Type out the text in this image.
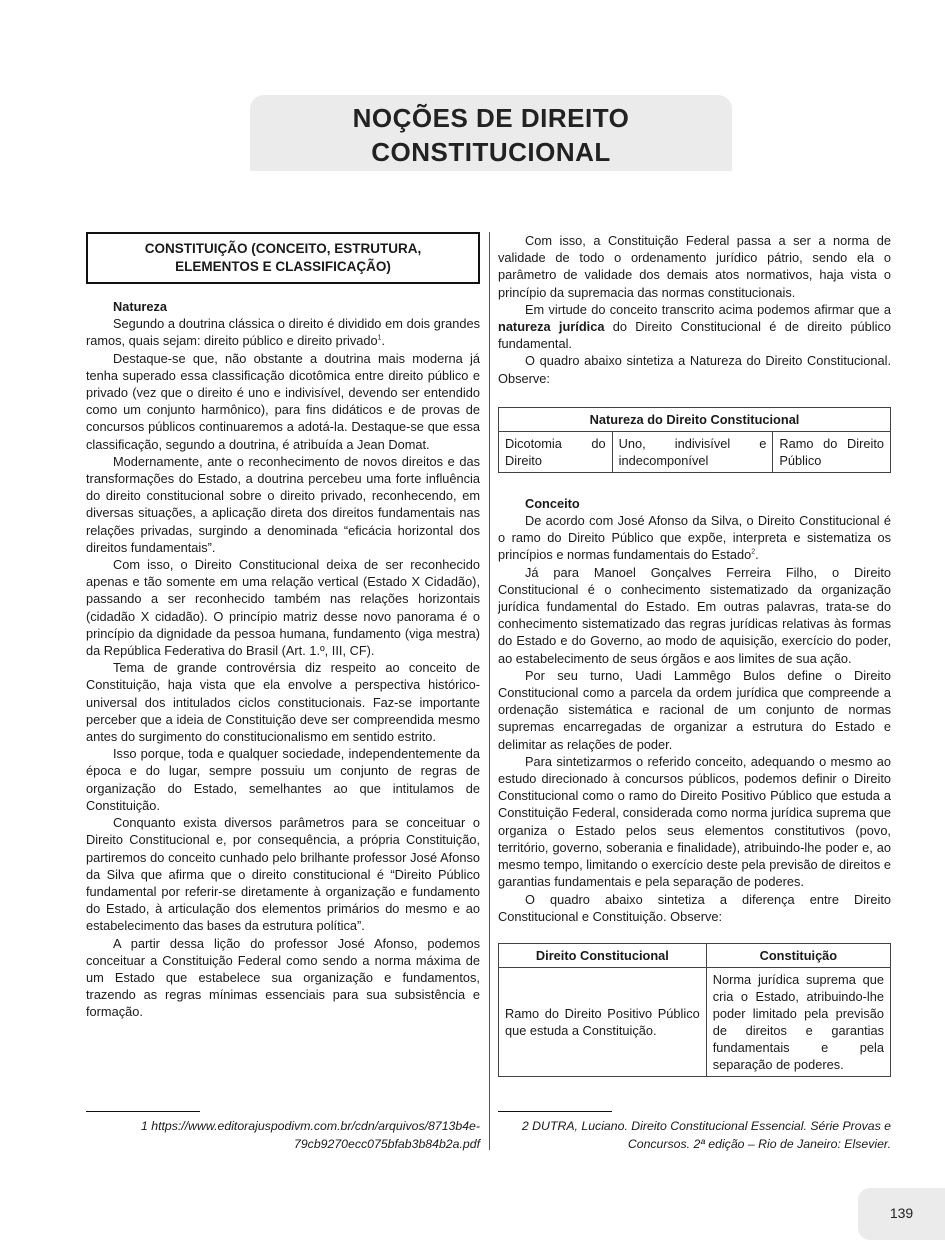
NOÇÕES DE DIREITO
CONSTITUCIONAL
CONSTITUIÇÃO (CONCEITO, ESTRUTURA,
ELEMENTOS E CLASSIFICAÇÃO)
Natureza

Segundo a doutrina clássica o direito é dividido em dois grandes ramos, quais sejam: direito público e direito privado$^1$.

Destaque-se que, não obstante a doutrina mais moderna já tenha superado essa classificação dicotômica entre direito público e privado (vez que o direito é uno e indivisível, devendo ser entendido como um conjunto harmônico), para fins didáticos e de provas de concursos públicos continuaremos a adotá-la. Destaque-se que essa classificação, segundo a doutrina, é atribuída a Jean Domat.

Modernamente, ante o reconhecimento de novos direitos e das transformações do Estado, a doutrina percebeu uma forte influência do direito constitucional sobre o direito privado, reconhecendo, em diversas situações, a aplicação direta dos direitos fundamentais nas relações privadas, surgindo a denominada “eficácia horizontal dos direitos fundamentais”.

Com isso, o Direito Constitucional deixa de ser reconhecido apenas e tão somente em uma relação vertical (Estado X Cidadão), passando a ser reconhecido também nas relações horizontais (cidadão X cidadão). O princípio matriz desse novo panorama é o princípio da dignidade da pessoa humana, fundamento (viga mestra) da República Federativa do Brasil (Art. 1.º, III, CF).

Tema de grande controvérsia diz respeito ao conceito de Constituição, haja vista que ela envolve a perspectiva histórico-universal dos intitulados ciclos constitucionais. Faz-se importante perceber que a ideia de Constituição deve ser compreendida mesmo antes do surgimento do constitucionalismo em sentido estrito.

Isso porque, toda e qualquer sociedade, independentemente da época e do lugar, sempre possuiu um conjunto de regras de organização do Estado, semelhantes ao que intitulamos de Constituição.

Conquanto exista diversos parâmetros para se conceituar o Direito Constitucional e, por consequência, a própria Constituição, partiremos do conceito cunhado pelo brilhante professor José Afonso da Silva que afirma que o direito constitucional é “Direito Público fundamental por referir-se diretamente à organização e fundamento do Estado, à articulação dos elementos primários do mesmo e ao estabelecimento das bases da estrutura política”.

A partir dessa lição do professor José Afonso, podemos conceituar a Constituição Federal como sendo a norma máxima de um Estado que estabelece sua organização e fundamentos, trazendo as regras mínimas essenciais para sua subsistência e formação.

Com isso, a Constituição Federal passa a ser a norma de validade de todo o ordenamento jurídico pátrio, sendo ela o parâmetro de validade dos demais atos normativos, haja vista o princípio da supremacia das normas constitucionais.

Em virtude do conceito transcrito acima podemos afirmar que a natureza jurídica do Direito Constitucional é de direito público fundamental.

O quadro abaixo sintetiza a Natureza do Direito Constitucional. Observe:

Natureza do Direito Constitucional
Dicotomia do Direito	Uno, indivisível e indecomponível	Ramo do Direito Público
Conceito

De acordo com José Afonso da Silva, o Direito Constitucional é o ramo do Direito Público que expõe, interpreta e sistematiza os princípios e normas fundamentais do Estado$^2$.

Já para Manoel Gonçalves Ferreira Filho, o Direito Constitucional é o conhecimento sistematizado da organização jurídica fundamental do Estado. Em outras palavras, trata-se do conhecimento sistematizado das regras jurídicas relativas às formas do Estado e do Governo, ao modo de aquisição, exercício do poder, ao estabelecimento de seus órgãos e aos limites de sua ação.

Por seu turno, Uadi Lammêgo Bulos define o Direito Constitucional como a parcela da ordem jurídica que compreende a ordenação sistemática e racional de um conjunto de normas supremas encarregadas de organizar a estrutura do Estado e delimitar as relações de poder.

Para sintetizarmos o referido conceito, adequando o mesmo ao estudo direcionado à concursos públicos, podemos definir o Direito Constitucional como o ramo do Direito Positivo Público que estuda a Constituição Federal, considerada como norma jurídica suprema que organiza o Estado pelos seus elementos constitutivos (povo, território, governo, soberania e finalidade), atribuindo-lhe poder e, ao mesmo tempo, limitando o exercício deste pela previsão de direitos e garantias fundamentais e pela separação de poderes.

O quadro abaixo sintetiza a diferença entre Direito Constitucional e Constituição. Observe:

Direito Constitucional	Constituição
Ramo do Direito Positivo Público que estuda a Constituição.	Norma jurídica suprema que cria o Estado, atribuindo-lhe poder limitado pela previsão de direitos e garantias fundamentais e pela separação de poderes.
1 https://www.editorajuspodivm.com.br/cdn/arquivos/8713b4e-
79cb9270ecc075bfab3b84b2a.pdf
2 DUTRA, Luciano. Direito Constitucional Essencial. Série Provas e
Concursos. 2ª edição – Rio de Janeiro: Elsevier.
139
